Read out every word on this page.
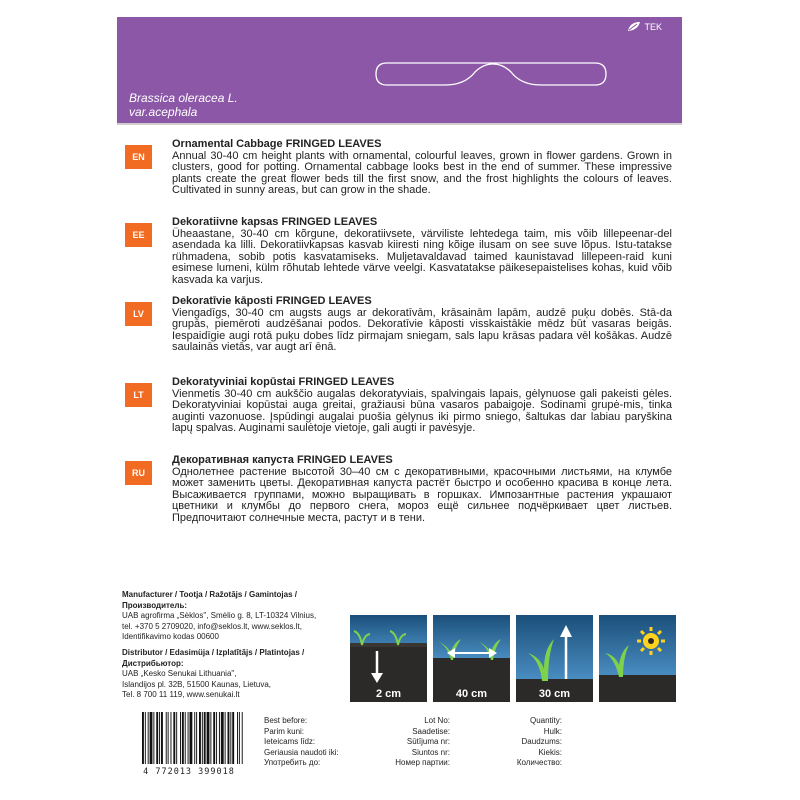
TEK
Brassica oleracea L.
var.acephala
EN
Ornamental Cabbage FRINGED LEAVES
Annual 30-40 cm height plants with ornamental, colourful leaves, grown in flower gardens. Grown in clusters, good for potting. Ornamental cabbage looks best in the end of summer. These impressive plants create the great flower beds till the first snow, and the frost highlights the colours of leaves. Cultivated in sunny areas, but can grow in the shade.
EE
Dekoratiivne kapsas FRINGED LEAVES
Üheaastane, 30-40 cm kõrgune, dekoratiivsete, värviliste lehtedega taim, mis võib lillepeenar-del asendada ka lilli. Dekoratiivkapsas kasvab kiiresti ning kõige ilusam on see suve lõpus. Istu-tatakse rühmadena, sobib potis kasvatamiseks. Muljetavaldavad taimed kaunistavad lillepeen-raid kuni esimese lumeni, külm rõhutab lehtede värve veelgi. Kasvatatakse päikesepaistelises kohas, kuid võib kasvada ka varjus.
LV
Dekoratīvie kāposti FRINGED LEAVES
Viengadīgs, 30-40 cm augsts augs ar dekoratīvām, krāsainām lapām, audzē puķu dobēs. Stā-da grupās, piemēroti audzēšanai podos. Dekoratīvie kāposti visskaistākie mēdz būt vasaras beigās. Iespaidīgie augi rotā puķu dobes līdz pirmajam sniegam, sals lapu krāsas padara vēl košākas. Audzē saulainās vietās, var augt arī ēnā.
LT
Dekoratyviniai kopūstai FRINGED LEAVES
Vienmetis 30-40 cm aukščio augalas dekoratyviais, spalvingais lapais, gėlynuose gali pakeisti gėles. Dekoratyviniai kopūstai auga greitai, gražiausi būna vasaros pabaigoje. Sodinami grupė-mis, tinka auginti vazonuose. Įspūdingi augalai puošia gėlynus iki pirmo sniego, šaltukas dar labiau paryškina lapų spalvas. Auginami saulėtoje vietoje, gali augti ir pavėsyje.
RU
Декоративная капуста FRINGED LEAVES
Однолетнее растение высотой 30–40 см с декоративными, красочными листьями, на клумбе может заменить цветы. Декоративная капуста растёт быстро и особенно красива в конце лета. Высаживается группами, можно выращивать в горшках. Импозантные растения украшают цветники и клумбы до первого снега, мороз ещё сильнее подчёркивает цвет листьев. Предпочитают солнечные места, растут и в тени.
Manufacturer / Tootja / Ražotājs / Gamintojas / Производитель:
UAB agrofirma „Sėklos", Smėlio g. 8, LT-10324 Vilnius,
tel. +370 5 2709020, info@seklos.lt, www.seklos.lt,
Identifikavimo kodas 00600
Distributor / Edasimüja / Izplatītājs / Platintojas / Дистрибьютор:
UAB „Kesko Senukai Lithuania",
Islandijos pl. 32B, 51500 Kaunas, Lietuva,
Tel. 8 700 11 119, www.senukai.lt	2 cm	40 cm	30 cm
4 772013 399018
Best before:
Parim kuni:
Ieteicams līdz:
Geriausia naudoti iki:
Употребить до:
Lot No:
Saadetise:
Sūtījuma nr:
Siuntos nr:
Номер партии:
Quantity:
Hulk:
Daudzums:
Kiekis:
Количество:
